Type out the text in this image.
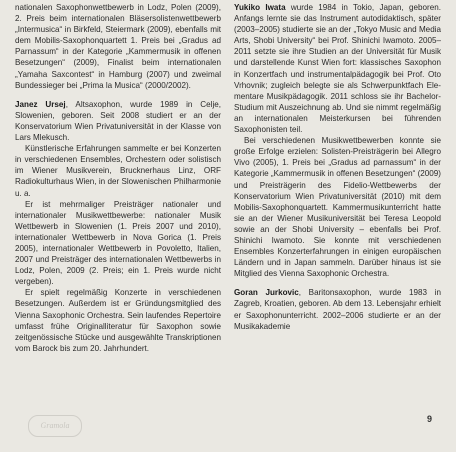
nationalen Saxophonwettbewerb in Lodz, Polen (2009), 2. Preis beim internationalen Bläsersolistenwettbewerb „Intermusica“ in Birkfeld, Steiermark (2009), ebenfalls mit dem Mobilis-Saxophonquartett 1. Preis bei „Gradus ad Parnassum“ in der Kategorie „Kammermusik in offenen Besetzungen“ (2009), Finalist beim internationalen „Yamaha Saxcontest“ in Hamburg (2007) und zweimal Bundessieger bei „Prima la Musica“ (2000/2002).

Janez Ursej, Altsaxophon, wurde 1989 in Celje, Slowenien, geboren. Seit 2008 studiert er an der Konservatorium Wien Privatuniversität in der Klasse von Lars Mlekusch.

Künstlerische Erfahrungen sammelte er bei Konzerten in verschiedenen Ensembles, Orchestern oder solistisch im Wiener Musikverein, Brucknerhaus Linz, ORF Radiokulturhaus Wien, in der Slowenischen Philharmonie u. a.

Er ist mehrmaliger Preisträger nationaler und internationaler Musikwettbewerbe: nationaler Musik Wettbewerb in Slowenien (1. Preis 2007 und 2010), internationaler Wettbewerb in Nova Gorica (1. Preis 2005), internationaler Wettbewerb in Povoletto, Italien, 2007 und Preisträger des internationalen Wettbewerbs in Lodz, Polen, 2009 (2. Preis; ein 1. Preis wurde nicht vergeben).

Er spielt regelmäßig Konzerte in verschiedenen Besetzungen. Außerdem ist er Gründungsmitglied des Vienna Saxophonic Orchestra. Sein laufendes Repertoire umfasst frühe Originalliteratur für Saxophon sowie zeitgenössische Stücke und ausgewählte Transkriptionen vom Barock bis zum 20. Jahrhundert.

Yukiko Iwata wurde 1984 in Tokio, Japan, geboren. Anfangs lernte sie das Instrument autodidaktisch, später (2003–2005) studierte sie an der „Tokyo Music and Media Arts, Shobi University“ bei Prof. Shinichi Iwamoto. 2005–2011 setzte sie ihre Studien an der Universität für Musik und darstellende Kunst Wien fort: klassisches Saxophon in Konzertfach und instrumentalpädagogik bei Prof. Oto Vrhovnik; zugleich belegte sie als Schwerpunktfach Elementare Musikpädagogik. 2011 schloss sie ihr Bachelor-Studium mit Auszeichnung ab. Und sie nimmt regelmäßig an internationalen Meisterkursen bei führenden Saxophonisten teil.

Bei verschiedenen Musikwettbewerben konnte sie große Erfolge erzielen: Solisten-Preisträgerin bei Allegro Vivo (2005), 1. Preis bei „Gradus ad parnassum“ in der Kategorie „Kammermusik in offenen Besetzungen“ (2009) und Preisträgerin des Fidelio-Wettbewerbs der Konservatorium Wien Privatuniversität (2010) mit dem Mobilis-Saxophonquartett. Kammermusikunterricht hatte sie an der Wiener Musikuniversität bei Teresa Leopold sowie an der Shobi University – ebenfalls bei Prof. Shinichi Iwamoto. Sie konnte mit verschiedenen Ensembles Konzerterfahrungen in einigen europäischen Ländern und in Japan sammeln. Darüber hinaus ist sie Mitglied des Vienna Saxophonic Orchestra.

Goran Jurkovic, Baritonsaxophon, wurde 1983 in Zagreb, Kroatien, geboren. Ab dem 13. Lebensjahr erhielt er Saxophonunterricht. 2002–2006 studierte er an der Musikakademie

Gramola
9
